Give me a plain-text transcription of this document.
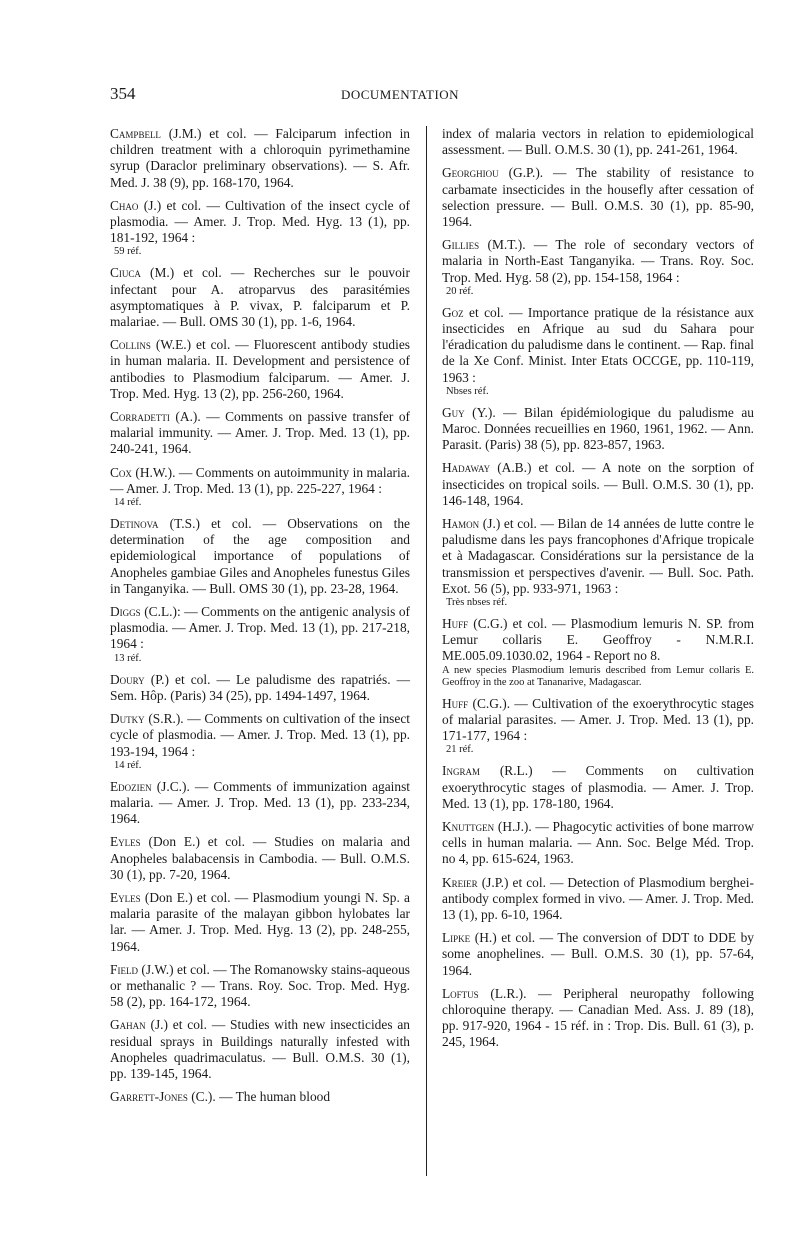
354	DOCUMENTATION
Campbell (J.M.) et col. — Falciparum infection in children treatment with a chloroquin pyrimethamine syrup (Daraclor preliminary observations). — S. Afr. Med. J. 38 (9), pp. 168-170, 1964.
Chao (J.) et col. — Cultivation of the insect cycle of plasmodia. — Amer. J. Trop. Med. Hyg. 13 (1), pp. 181-192, 1964 :
59 réf.
Ciuca (M.) et col. — Recherches sur le pouvoir infectant pour A. atroparvus des parasitémies asymptomatiques à P. vivax, P. falciparum et P. malariae. — Bull. OMS 30 (1), pp. 1-6, 1964.
Collins (W.E.) et col. — Fluorescent antibody studies in human malaria. II. Development and persistence of antibodies to Plasmodium falciparum. — Amer. J. Trop. Med. Hyg. 13 (2), pp. 256-260, 1964.
Corradetti (A.). — Comments on passive transfer of malarial immunity. — Amer. J. Trop. Med. 13 (1), pp. 240-241, 1964.
Cox (H.W.). — Comments on autoimmunity in malaria. — Amer. J. Trop. Med. 13 (1), pp. 225-227, 1964 :
14 réf.
Detinova (T.S.) et col. — Observations on the determination of the age composition and epidemiological importance of populations of Anopheles gambiae Giles and Anopheles funestus Giles in Tanganyika. — Bull. OMS 30 (1), pp. 23-28, 1964.
Diggs (C.L.): — Comments on the antigenic analysis of plasmodia. — Amer. J. Trop. Med. 13 (1), pp. 217-218, 1964 :
13 réf.
Doury (P.) et col. — Le paludisme des rapatriés. — Sem. Hôp. (Paris) 34 (25), pp. 1494-1497, 1964.
Dutky (S.R.). — Comments on cultivation of the insect cycle of plasmodia. — Amer. J. Trop. Med. 13 (1), pp. 193-194, 1964 :
14 réf.
Edozien (J.C.). — Comments of immunization against malaria. — Amer. J. Trop. Med. 13 (1), pp. 233-234, 1964.
Eyles (Don E.) et col. — Studies on malaria and Anopheles balabacensis in Cambodia. — Bull. O.M.S. 30 (1), pp. 7-20, 1964.
Eyles (Don E.) et col. — Plasmodium youngi N. Sp. a malaria parasite of the malayan gibbon hylobates lar lar. — Amer. J. Trop. Med. Hyg. 13 (2), pp. 248-255, 1964.
Field (J.W.) et col. — The Romanowsky stains-aqueous or methanalic ? — Trans. Roy. Soc. Trop. Med. Hyg. 58 (2), pp. 164-172, 1964.
Gahan (J.) et col. — Studies with new insecticides an residual sprays in Buildings naturally infested with Anopheles quadrimaculatus. — Bull. O.M.S. 30 (1), pp. 139-145, 1964.
Garrett-Jones (C.). — The human blood
index of malaria vectors in relation to epidemiological assessment. — Bull. O.M.S. 30 (1), pp. 241-261, 1964.
Georghiou (G.P.). — The stability of resistance to carbamate insecticides in the housefly after cessation of selection pressure. — Bull. O.M.S. 30 (1), pp. 85-90, 1964.
Gillies (M.T.). — The role of secondary vectors of malaria in North-East Tanganyika. — Trans. Roy. Soc. Trop. Med. Hyg. 58 (2), pp. 154-158, 1964 :
20 réf.
Goz et col. — Importance pratique de la résistance aux insecticides en Afrique au sud du Sahara pour l'éradication du paludisme dans le continent. — Rap. final de la Xe Conf. Minist. Inter Etats OCCGE, pp. 110-119, 1963 :
Nbses réf.
Guy (Y.). — Bilan épidémiologique du paludisme au Maroc. Données recueillies en 1960, 1961, 1962. — Ann. Parasit. (Paris) 38 (5), pp. 823-857, 1963.
Hadaway (A.B.) et col. — A note on the sorption of insecticides on tropical soils. — Bull. O.M.S. 30 (1), pp. 146-148, 1964.
Hamon (J.) et col. — Bilan de 14 années de lutte contre le paludisme dans les pays francophones d'Afrique tropicale et à Madagascar. Considérations sur la persistance de la transmission et perspectives d'avenir. — Bull. Soc. Path. Exot. 56 (5), pp. 933-971, 1963 :
Très nbses réf.
Huff (C.G.) et col. — Plasmodium lemuris N. SP. from Lemur collaris E. Geoffroy - N.M.R.I. ME.005.09.1030.02, 1964 - Report no 8.
A new species Plasmodium lemuris described from Lemur collaris E. Geoffroy in the zoo at Tananarive, Madagascar.
Huff (C.G.). — Cultivation of the exoerythrocytic stages of malarial parasites. — Amer. J. Trop. Med. 13 (1), pp. 171-177, 1964 :
21 réf.
Ingram (R.L.) — Comments on cultivation exoerythrocytic stages of plasmodia. — Amer. J. Trop. Med. 13 (1), pp. 178-180, 1964.
Knuttgen (H.J.). — Phagocytic activities of bone marrow cells in human malaria. — Ann. Soc. Belge Méd. Trop. no 4, pp. 615-624, 1963.
Kreier (J.P.) et col. — Detection of Plasmodium berghei-antibody complex formed in vivo. — Amer. J. Trop. Med. 13 (1), pp. 6-10, 1964.
Lipke (H.) et col. — The conversion of DDT to DDE by some anophelines. — Bull. O.M.S. 30 (1), pp. 57-64, 1964.
Loftus (L.R.). — Peripheral neuropathy following chloroquine therapy. — Canadian Med. Ass. J. 89 (18), pp. 917-920, 1964 - 15 réf. in : Trop. Dis. Bull. 61 (3), p. 245, 1964.
